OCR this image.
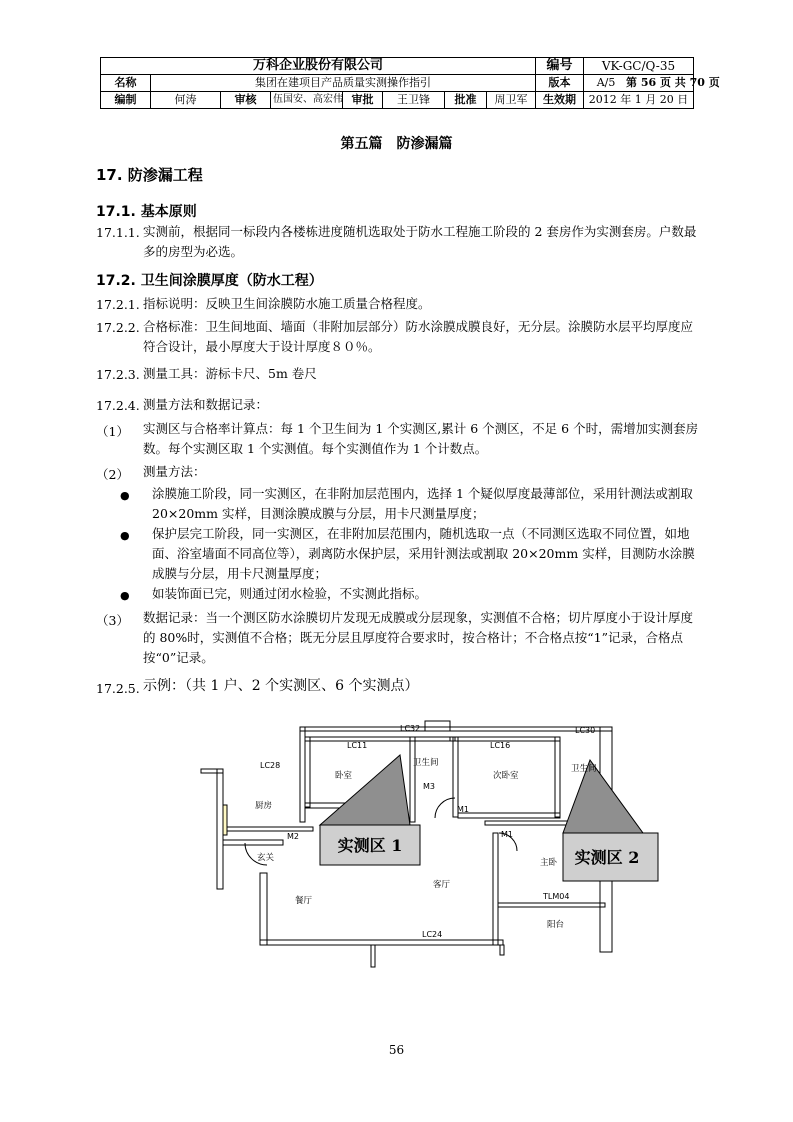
万科企业股份有限公司								编号	VK-GC/Q-35
名称	集团在建项目产品质量实测操作指引							版本	A/5 第 56 页 共 70 页
编制	何涛	审核	伍国安、高宏伟	审批	王卫锋	批准	周卫军	生效期	2012 年 1 月 20 日
第五篇　防渗漏篇
17. 防渗漏工程
17.1. 基本原则
17.1.1. 实测前，根据同一标段内各楼栋进度随机选取处于防水工程施工阶段的 2 套房作为实测套房。户数最多的房型为必选。
17.2. 卫生间涂膜厚度（防水工程）
17.2.1. 指标说明：反映卫生间涂膜防水施工质量合格程度。
17.2.2. 合格标准：卫生间地面、墙面（非附加层部分）防水涂膜成膜良好，无分层。涂膜防水层平均厚度应符合设计，最小厚度大于设计厚度８０％。
17.2.3. 测量工具：游标卡尺、5m 卷尺
17.2.4. 测量方法和数据记录：
（1） 实测区与合格率计算点：每 1 个卫生间为 1 个实测区,累计 6 个测区，不足 6 个时，需增加实测套房数。每个实测区取 1 个实测值。每个实测值作为 1 个计数点。
（2） 测量方法：
● 涂膜施工阶段，同一实测区，在非附加层范围内，选择 1 个疑似厚度最薄部位，采用针测法或割取 20×20mm 实样，目测涂膜成膜与分层，用卡尺测量厚度；
● 保护层完工阶段，同一实测区，在非附加层范围内，随机选取一点（不同测区选取不同位置，如地面、浴室墙面不同高位等），剥离防水保护层，采用针测法或割取 20×20mm 实样，目测防水涂膜成膜与分层，用卡尺测量厚度；
● 如装饰面已完，则通过闭水检验，不实测此指标。
（3） 数据记录：当一个测区防水涂膜切片发现无成膜或分层现象，实测值不合格；切片厚度小于设计厚度的 80%时，实测值不合格；既无分层且厚度符合要求时，按合格计；不合格点按“1”记录，合格点按“0”记录。
17.2.5. 示例：（共 1 户、2 个实测区、6 个实测点）
实测区 1
实测区 2
LC11
LC32
LC16
LC30
LC28
LC24
TLM04
M1
M1
M2
M3
卧室
卫生间
次卧室
卫生间
厨房
玄关
客厅
主卧
餐厅
阳台
56
